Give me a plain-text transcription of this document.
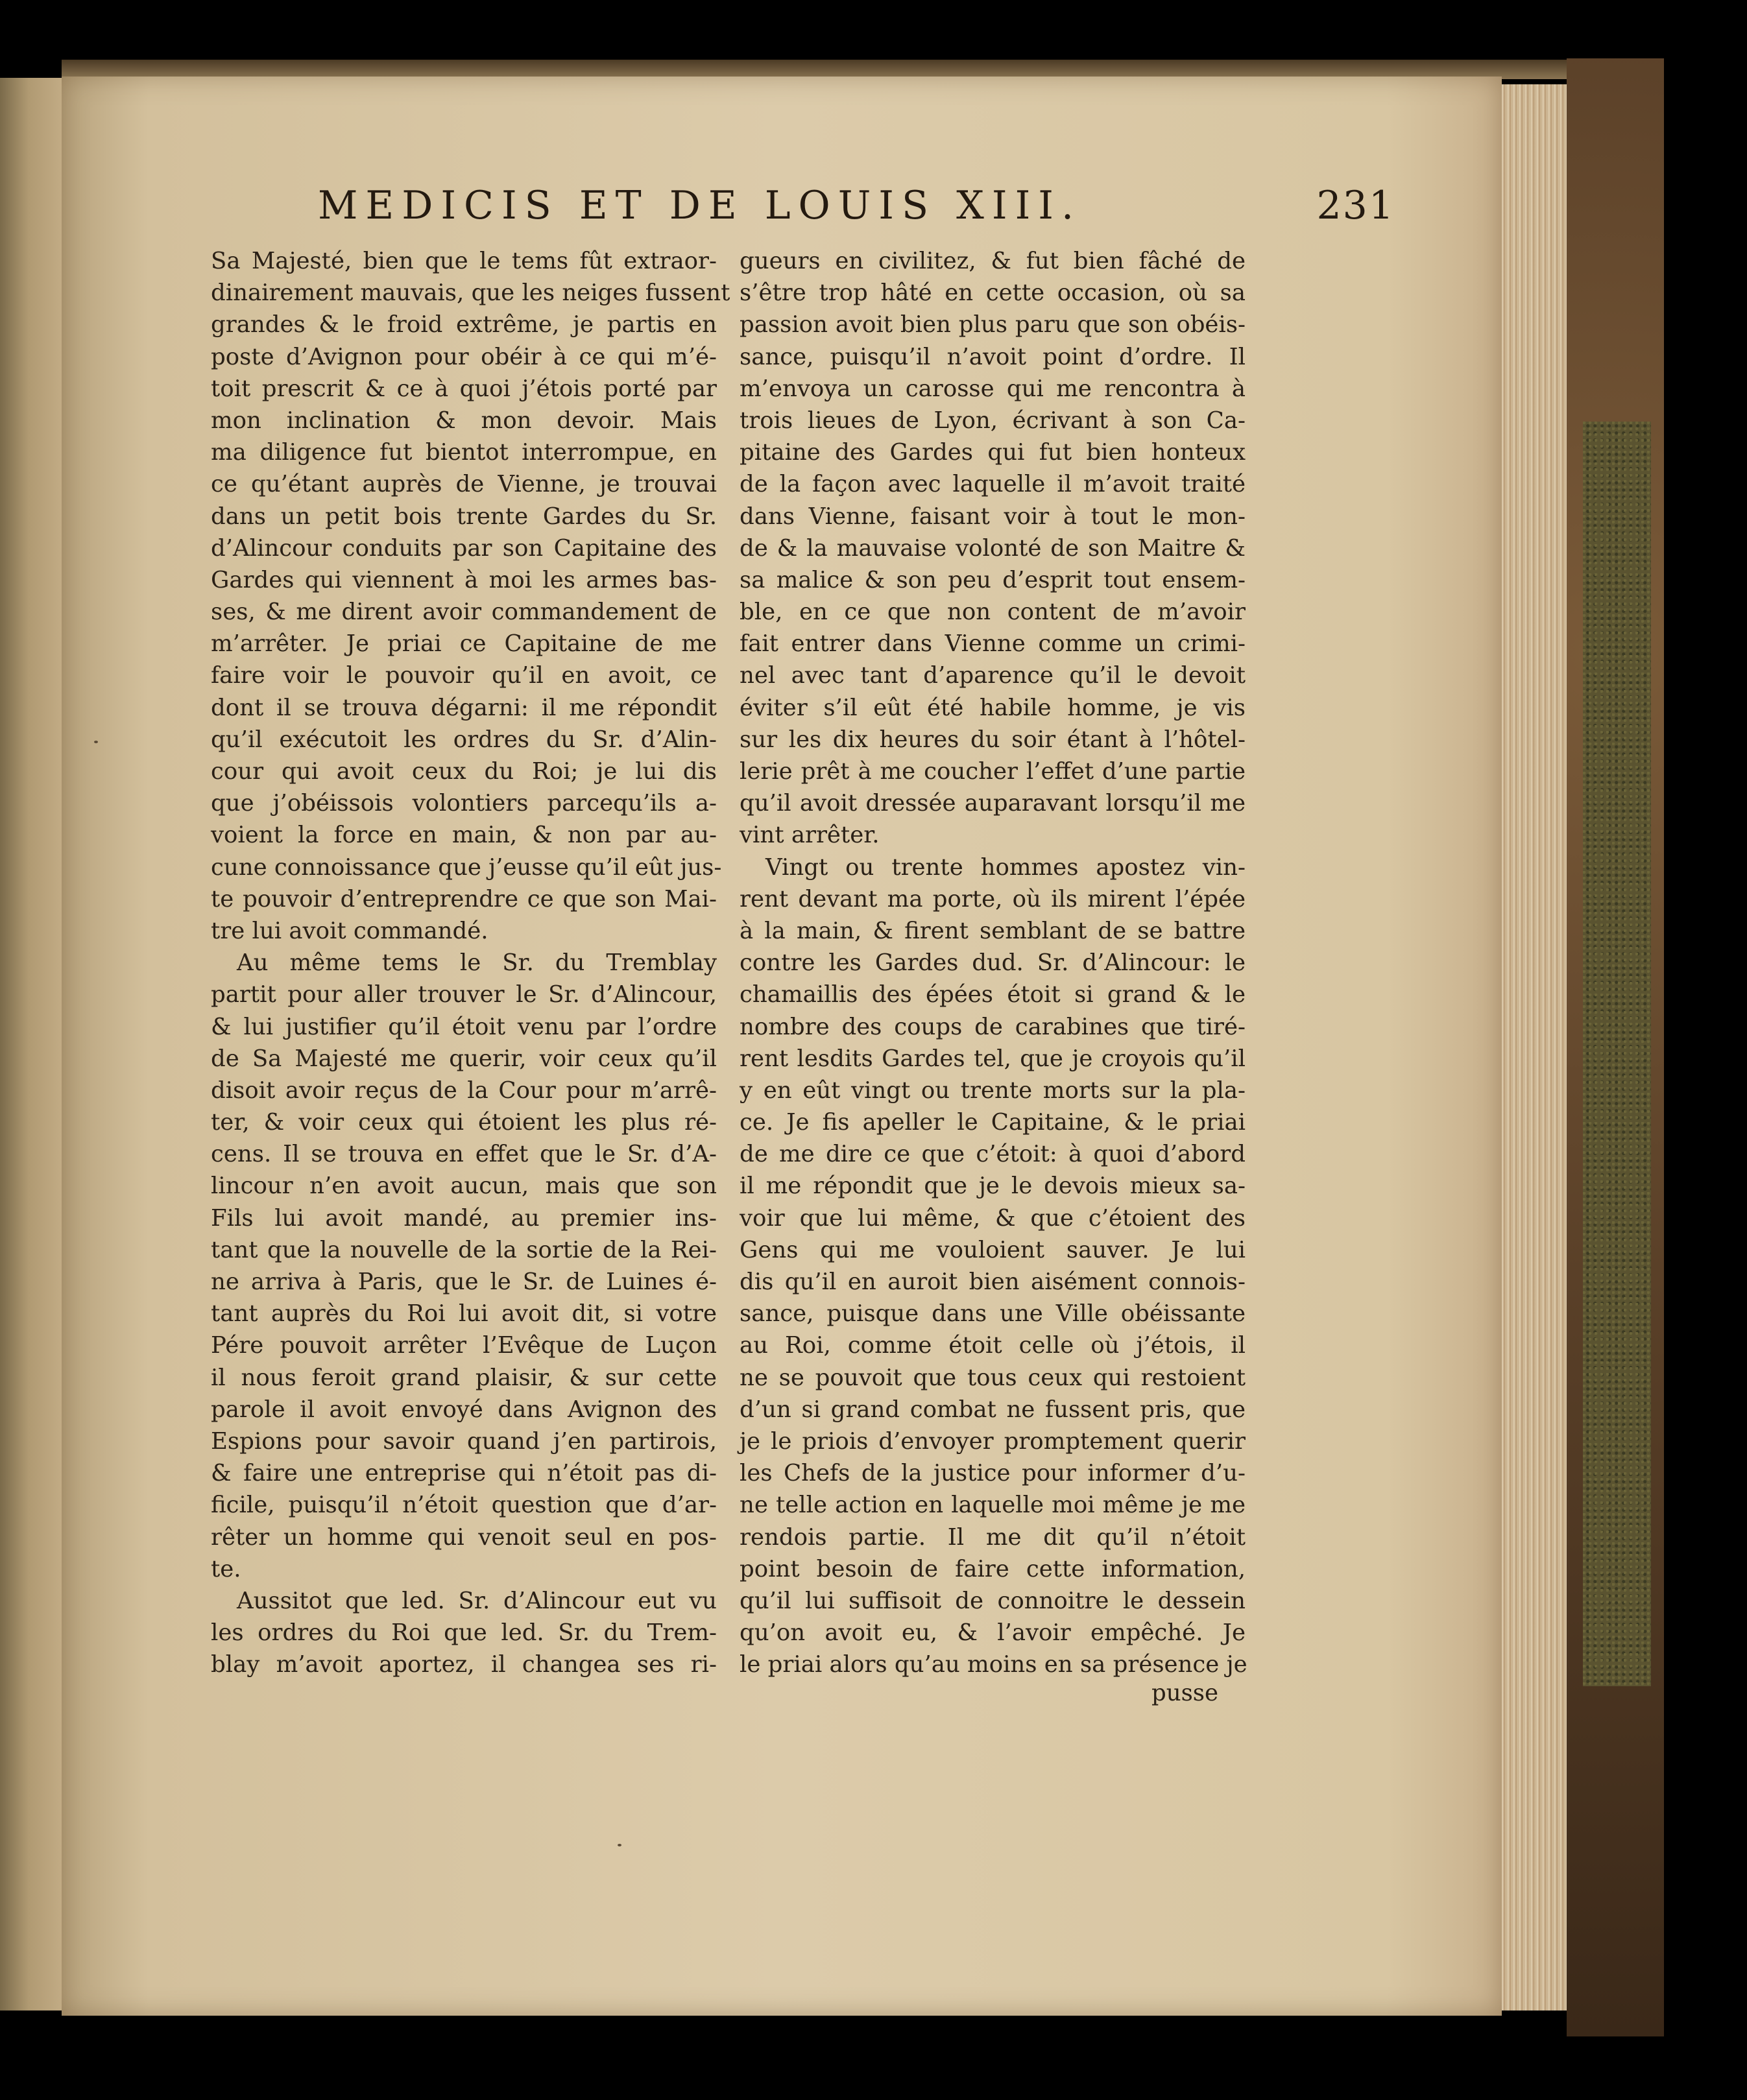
MEDICIS ET DE LOUIS XIII.	231
Sa Majesté, bien que le tems fût extraor-
dinairement mauvais, que les neiges fussent
grandes & le froid extrême, je partis en
poste d’Avignon pour obéir à ce qui m’é-
toit prescrit & ce à quoi j’étois porté par
mon inclination & mon devoir. Mais
ma diligence fut bientot interrompue, en
ce qu’étant auprès de Vienne, je trouvai
dans un petit bois trente Gardes du Sr.
d’Alincour conduits par son Capitaine des
Gardes qui viennent à moi les armes bas-
ses, & me dirent avoir commandement de
m’arrêter. Je priai ce Capitaine de me
faire voir le pouvoir qu’il en avoit, ce
dont il se trouva dégarni: il me répondit
qu’il exécutoit les ordres du Sr. d’Alin-
cour qui avoit ceux du Roi; je lui dis
que j’obéissois volontiers parcequ’ils a-
voient la force en main, & non par au-
cune connoissance que j’eusse qu’il eût jus-
te pouvoir d’entreprendre ce que son Mai-
tre lui avoit commandé.
Au même tems le Sr. du Tremblay
partit pour aller trouver le Sr. d’Alincour,
& lui justifier qu’il étoit venu par l’ordre
de Sa Majesté me querir, voir ceux qu’il
disoit avoir reçus de la Cour pour m’arrê-
ter, & voir ceux qui étoient les plus ré-
cens. Il se trouva en effet que le Sr. d’A-
lincour n’en avoit aucun, mais que son
Fils lui avoit mandé, au premier ins-
tant que la nouvelle de la sortie de la Rei-
ne arriva à Paris, que le Sr. de Luines é-
tant auprès du Roi lui avoit dit, si votre
Pére pouvoit arrêter l’Evêque de Luçon
il nous feroit grand plaisir, & sur cette
parole il avoit envoyé dans Avignon des
Espions pour savoir quand j’en partirois,
& faire une entreprise qui n’étoit pas di-
ficile, puisqu’il n’étoit question que d’ar-
rêter un homme qui venoit seul en pos-
te.
Aussitot que led. Sr. d’Alincour eut vu
les ordres du Roi que led. Sr. du Trem-
blay m’avoit aportez, il changea ses ri-
gueurs en civilitez, & fut bien fâché de
s’être trop hâté en cette occasion, où sa
passion avoit bien plus paru que son obéis-
sance, puisqu’il n’avoit point d’ordre. Il
m’envoya un carosse qui me rencontra à
trois lieues de Lyon, écrivant à son Ca-
pitaine des Gardes qui fut bien honteux
de la façon avec laquelle il m’avoit traité
dans Vienne, faisant voir à tout le mon-
de & la mauvaise volonté de son Maitre &
sa malice & son peu d’esprit tout ensem-
ble, en ce que non content de m’avoir
fait entrer dans Vienne comme un crimi-
nel avec tant d’aparence qu’il le devoit
éviter s’il eût été habile homme, je vis
sur les dix heures du soir étant à l’hôtel-
lerie prêt à me coucher l’effet d’une partie
qu’il avoit dressée auparavant lorsqu’il me
vint arrêter.
Vingt ou trente hommes apostez vin-
rent devant ma porte, où ils mirent l’épée
à la main, & firent semblant de se battre
contre les Gardes dud. Sr. d’Alincour: le
chamaillis des épées étoit si grand & le
nombre des coups de carabines que tiré-
rent lesdits Gardes tel, que je croyois qu’il
y en eût vingt ou trente morts sur la pla-
ce. Je fis apeller le Capitaine, & le priai
de me dire ce que c’étoit: à quoi d’abord
il me répondit que je le devois mieux sa-
voir que lui même, & que c’étoient des
Gens qui me vouloient sauver. Je lui
dis qu’il en auroit bien aisément connois-
sance, puisque dans une Ville obéissante
au Roi, comme étoit celle où j’étois, il
ne se pouvoit que tous ceux qui restoient
d’un si grand combat ne fussent pris, que
je le priois d’envoyer promptement querir
les Chefs de la justice pour informer d’u-
ne telle action en laquelle moi même je me
rendois partie. Il me dit qu’il n’étoit
point besoin de faire cette information,
qu’il lui suffisoit de connoitre le dessein
qu’on avoit eu, & l’avoir empêché. Je
le priai alors qu’au moins en sa présence je
pusse
